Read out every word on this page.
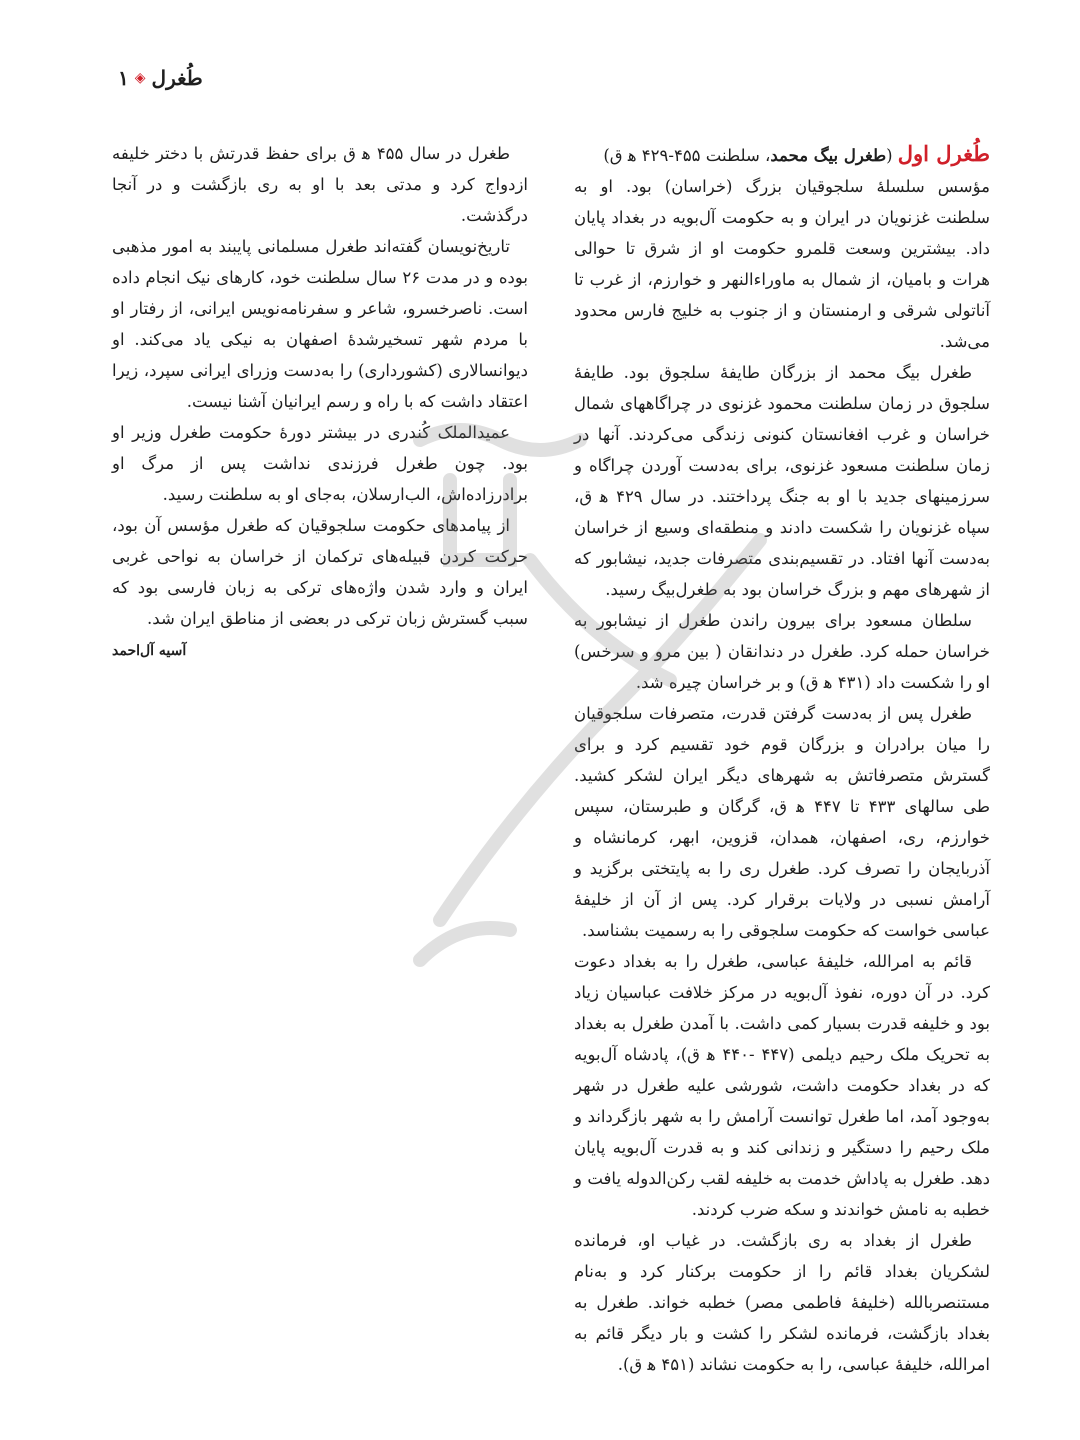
طُغرل
◈
۱

طُغرل اول (طغرل بیگ محمد، سلطنت ۴۵۵-۴۲۹ ه‍ ق)

مؤسس سلسلهٔ سلجوقیان بزرگ (خراسان) بود. او به سلطنت غزنویان در ایران و به حکومت آل‌بویه در بغداد پایان داد. بیشترین وسعت قلمرو حکومت او از شرق تا حوالی هرات و بامیان، از شمال به ماوراءالنهر و خوارزم، از غرب تا آناتولی شرقی و ارمنستان و از جنوب به خلیج فارس محدود می‌شد.

طغرل بیگ محمد از بزرگان طایفهٔ سلجوق بود. طایفهٔ سلجوق در زمان سلطنت محمود غزنوی در چراگاههای شمال خراسان و غرب افغانستان کنونی زندگی می‌کردند. آنها در زمان سلطنت مسعود غزنوی، برای به‌دست آوردن چراگاه و سرزمینهای جدید با او به جنگ پرداختند. در سال ۴۲۹ ه‍ ق، سپاه غزنویان را شکست دادند و منطقه‌ای وسیع از خراسان به‌دست آنها افتاد. در تقسیم‌بندی متصرفات جدید، نیشابور که از شهرهای مهم و بزرگ خراسان بود به طغرل‌بیگ رسید.

سلطان مسعود برای بیرون راندن طغرل از نیشابور به خراسان حمله کرد. طغرل در دندانقان ( بین مرو و سرخس) او را شکست داد (۴۳۱ ه‍ ق) و بر خراسان چیره شد.

طغرل پس از به‌دست گرفتن قدرت، متصرفات سلجوقیان را میان برادران و بزرگان قوم خود تقسیم کرد و برای گسترش متصرفاتش به شهرهای دیگر ایران لشکر کشید. طی سالهای ۴۳۳ تا ۴۴۷ ه‍ ق، گرگان و طبرستان، سپس خوارزم، ری، اصفهان، همدان، قزوین، ابهر، کرمانشاه و آذربایجان را تصرف کرد. طغرل ری را به پایتختی برگزید و آرامش نسبی در ولایات برقرار کرد. پس از آن از خلیفهٔ عباسی خواست که حکومت سلجوقی را به رسمیت بشناسد.

قائم به امرالله، خلیفهٔ عباسی، طغرل را به بغداد دعوت کرد. در آن دوره، نفوذ آل‌بویه در مرکز خلافت عباسیان زیاد بود و خلیفه قدرت بسیار کمی داشت. با آمدن طغرل به بغداد به تحریک ملک رحیم دیلمی (۴۴۷ -۴۴۰ ه‍ ق)، پادشاه آل‌بویه که در بغداد حکومت داشت، شورشی علیه طغرل در شهر به‌وجود آمد، اما طغرل توانست آرامش را به شهر بازگرداند و ملک رحیم را دستگیر و زندانی کند و به قدرت آل‌بویه پایان دهد. طغرل به پاداش خدمت به خلیفه لقب رکن‌الدوله یافت و خطبه به نامش خواندند و سکه ضرب کردند.

طغرل از بغداد به ری بازگشت. در غیاب او، فرمانده لشکریان بغداد قائم را از حکومت برکنار کرد و به‌نام مستنصربالله (خلیفهٔ فاطمی مصر) خطبه خواند. طغرل به بغداد بازگشت، فرمانده لشکر را کشت و بار دیگر قائم به امرالله، خلیفهٔ عباسی، را به حکومت نشاند (۴۵۱ ه‍ ق).

طغرل در سال ۴۵۵ ه‍ ق برای حفظ قدرتش با دختر خلیفه ازدواج کرد و مدتی بعد با او به ری بازگشت و در آنجا درگذشت.

تاریخ‌نویسان گفته‌اند طغرل مسلمانی پایبند به امور مذهبی بوده و در مدت ۲۶ سال سلطنت خود، کارهای نیک انجام داده است. ناصرخسرو، شاعر و سفرنامه‌نویس ایرانی، از رفتار او با مردم شهر تسخیرشدهٔ اصفهان به نیکی یاد می‌کند. او دیوانسالاری (کشورداری) را به‌دست وزرای ایرانی سپرد، زیرا اعتقاد داشت که با راه و رسم ایرانیان آشنا نیست.

عمیدالملک کُندری در بیشتر دورهٔ حکومت طغرل وزیر او بود. چون طغرل فرزندی نداشت پس از مرگ او برادرزاده‌اش، الب‌ارسلان، به‌جای او به سلطنت رسید.

از پیامدهای حکومت سلجوقیان که طغرل مؤسس آن بود، حرکت کردن قبیله‌های ترکمان از خراسان به نواحی غربی ایران و وارد شدن واژه‌های ترکی به زبان فارسی بود که سبب گسترش زبان ترکی در بعضی از مناطق ایران شد.

آسیه آل‌احمد
